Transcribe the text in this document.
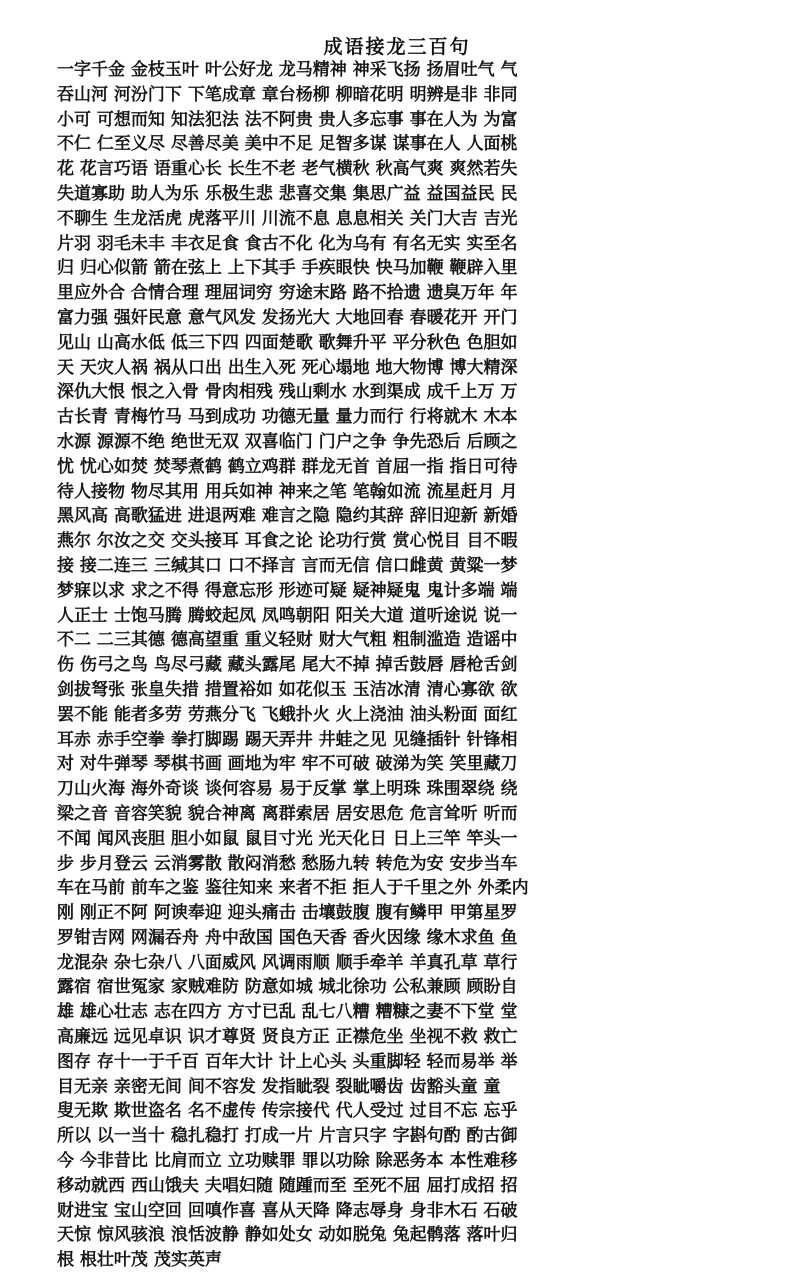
成语接龙三百句
一字千金 金枝玉叶 叶公好龙 龙马精神 神采飞扬 扬眉吐气 气
吞山河 河汾门下 下笔成章 章台杨柳 柳暗花明 明辨是非 非同
小可 可想而知 知法犯法 法不阿贵 贵人多忘事 事在人为 为富
不仁 仁至义尽 尽善尽美 美中不足 足智多谋 谋事在人 人面桃
花 花言巧语 语重心长 长生不老 老气横秋 秋高气爽 爽然若失
失道寡助 助人为乐 乐极生悲 悲喜交集 集思广益 益国益民 民
不聊生 生龙活虎 虎落平川 川流不息 息息相关 关门大吉 吉光
片羽 羽毛未丰 丰衣足食 食古不化 化为乌有 有名无实 实至名
归 归心似箭 箭在弦上 上下其手 手疾眼快 快马加鞭 鞭辟入里
里应外合 合情合理 理屈词穷 穷途末路 路不拾遗 遗臭万年 年
富力强 强奸民意 意气风发 发扬光大 大地回春 春暖花开 开门
见山 山高水低 低三下四 四面楚歌 歌舞升平 平分秋色 色胆如
天 天灾人祸 祸从口出 出生入死 死心塌地 地大物博 博大精深
深仇大恨 恨之入骨 骨肉相残 残山剩水 水到渠成 成千上万 万
古长青 青梅竹马 马到成功 功德无量 量力而行 行将就木 木本
水源 源源不绝 绝世无双 双喜临门 门户之争 争先恐后 后顾之
忧 忧心如焚 焚琴煮鹤 鹤立鸡群 群龙无首 首屈一指 指日可待
待人接物 物尽其用 用兵如神 神来之笔 笔翰如流 流星赶月 月
黑风高 高歌猛进 进退两难 难言之隐 隐约其辞 辞旧迎新 新婚
燕尔 尔汝之交 交头接耳 耳食之论 论功行赏 赏心悦目 目不暇
接 接二连三 三缄其口 口不择言 言而无信 信口雌黄 黄粱一梦
梦寐以求 求之不得 得意忘形 形迹可疑 疑神疑鬼 鬼计多端 端
人正士 士饱马腾 腾蛟起凤 凤鸣朝阳 阳关大道 道听途说 说一
不二 二三其德 德高望重 重义轻财 财大气粗 粗制滥造 造谣中
伤 伤弓之鸟 鸟尽弓藏 藏头露尾 尾大不掉 掉舌鼓唇 唇枪舌剑
剑拔弩张 张皇失措 措置裕如 如花似玉 玉洁冰清 清心寡欲 欲
罢不能 能者多劳 劳燕分飞 飞蛾扑火 火上浇油 油头粉面 面红
耳赤 赤手空拳 拳打脚踢 踢天弄井 井蛙之见 见缝插针 针锋相
对 对牛弹琴 琴棋书画 画地为牢 牢不可破 破涕为笑 笑里藏刀
刀山火海 海外奇谈 谈何容易 易于反掌 掌上明珠 珠围翠绕 绕
梁之音 音容笑貌 貌合神离 离群索居 居安思危 危言耸听 听而
不闻 闻风丧胆 胆小如鼠 鼠目寸光 光天化日 日上三竿 竿头一
步 步月登云 云消雾散 散闷消愁 愁肠九转 转危为安 安步当车
车在马前 前车之鉴 鉴往知来 来者不拒 拒人于千里之外 外柔内
刚 刚正不阿 阿谀奉迎 迎头痛击 击壤鼓腹 腹有鳞甲 甲第星罗
罗钳吉网 网漏吞舟 舟中敌国 国色天香 香火因缘 缘木求鱼 鱼
龙混杂 杂七杂八 八面威风 风调雨顺 顺手牵羊 羊真孔草 草行
露宿 宿世冤家 家贼难防 防意如城 城北徐功 公私兼顾 顾盼自
雄 雄心壮志 志在四方 方寸已乱 乱七八糟 糟糠之妻不下堂 堂
高廉远 远见卓识 识才尊贤 贤良方正 正襟危坐 坐视不救 救亡
图存 存十一于千百 百年大计 计上心头 头重脚轻 轻而易举 举
目无亲 亲密无间 间不容发 发指眦裂 裂眦嚼齿 齿豁头童 童
叟无欺 欺世盗名 名不虚传 传宗接代 代人受过 过目不忘 忘乎
所以 以一当十 稳扎稳打 打成一片 片言只字 字斟句酌 酌古御
今 今非昔比 比肩而立 立功赎罪 罪以功除 除恶务本 本性难移
移动就西 西山饿夫 夫唱妇随 随踵而至 至死不屈 屈打成招 招
财进宝 宝山空回 回嗔作喜 喜从天降 降志辱身 身非木石 石破
天惊 惊风骇浪 浪恬波静 静如处女 动如脱兔 兔起鹘落 落叶归
根 根壮叶茂 茂实英声
